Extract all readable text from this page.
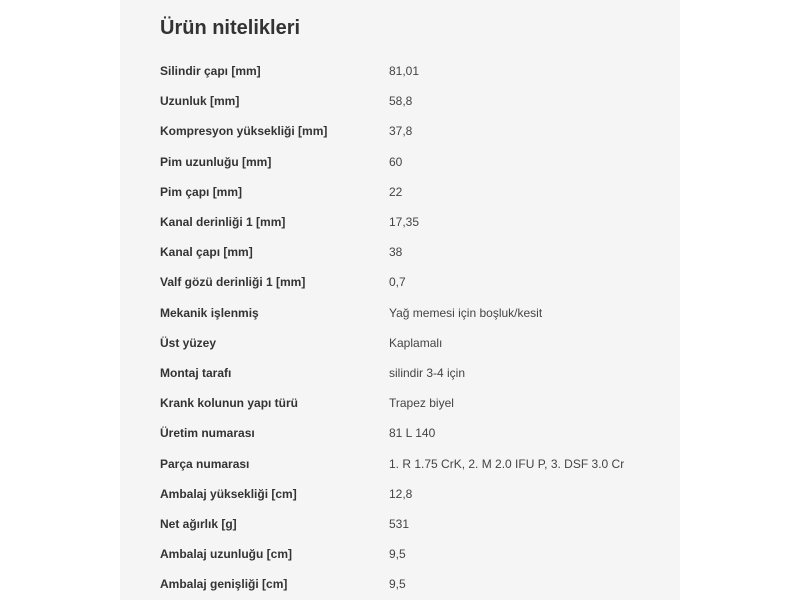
Ürün nitelikleri
Silindir çapı [mm]	81,01
Uzunluk [mm]	58,8
Kompresyon yüksekliği [mm]	37,8
Pim uzunluğu [mm]	60
Pim çapı [mm]	22
Kanal derinliği 1 [mm]	17,35
Kanal çapı [mm]	38
Valf gözü derinliği 1 [mm]	0,7
Mekanik işlenmiş	Yağ memesi için boşluk/kesit
Üst yüzey	Kaplamalı
Montaj tarafı	silindir 3-4 için
Krank kolunun yapı türü	Trapez biyel
Üretim numarası	81 L 140
Parça numarası	1. R 1.75 CrK, 2. M 2.0 IFU P, 3. DSF 3.0 Cr
Ambalaj yüksekliği [cm]	12,8
Net ağırlık [g]	531
Ambalaj uzunluğu [cm]	9,5
Ambalaj genişliği [cm]	9,5
